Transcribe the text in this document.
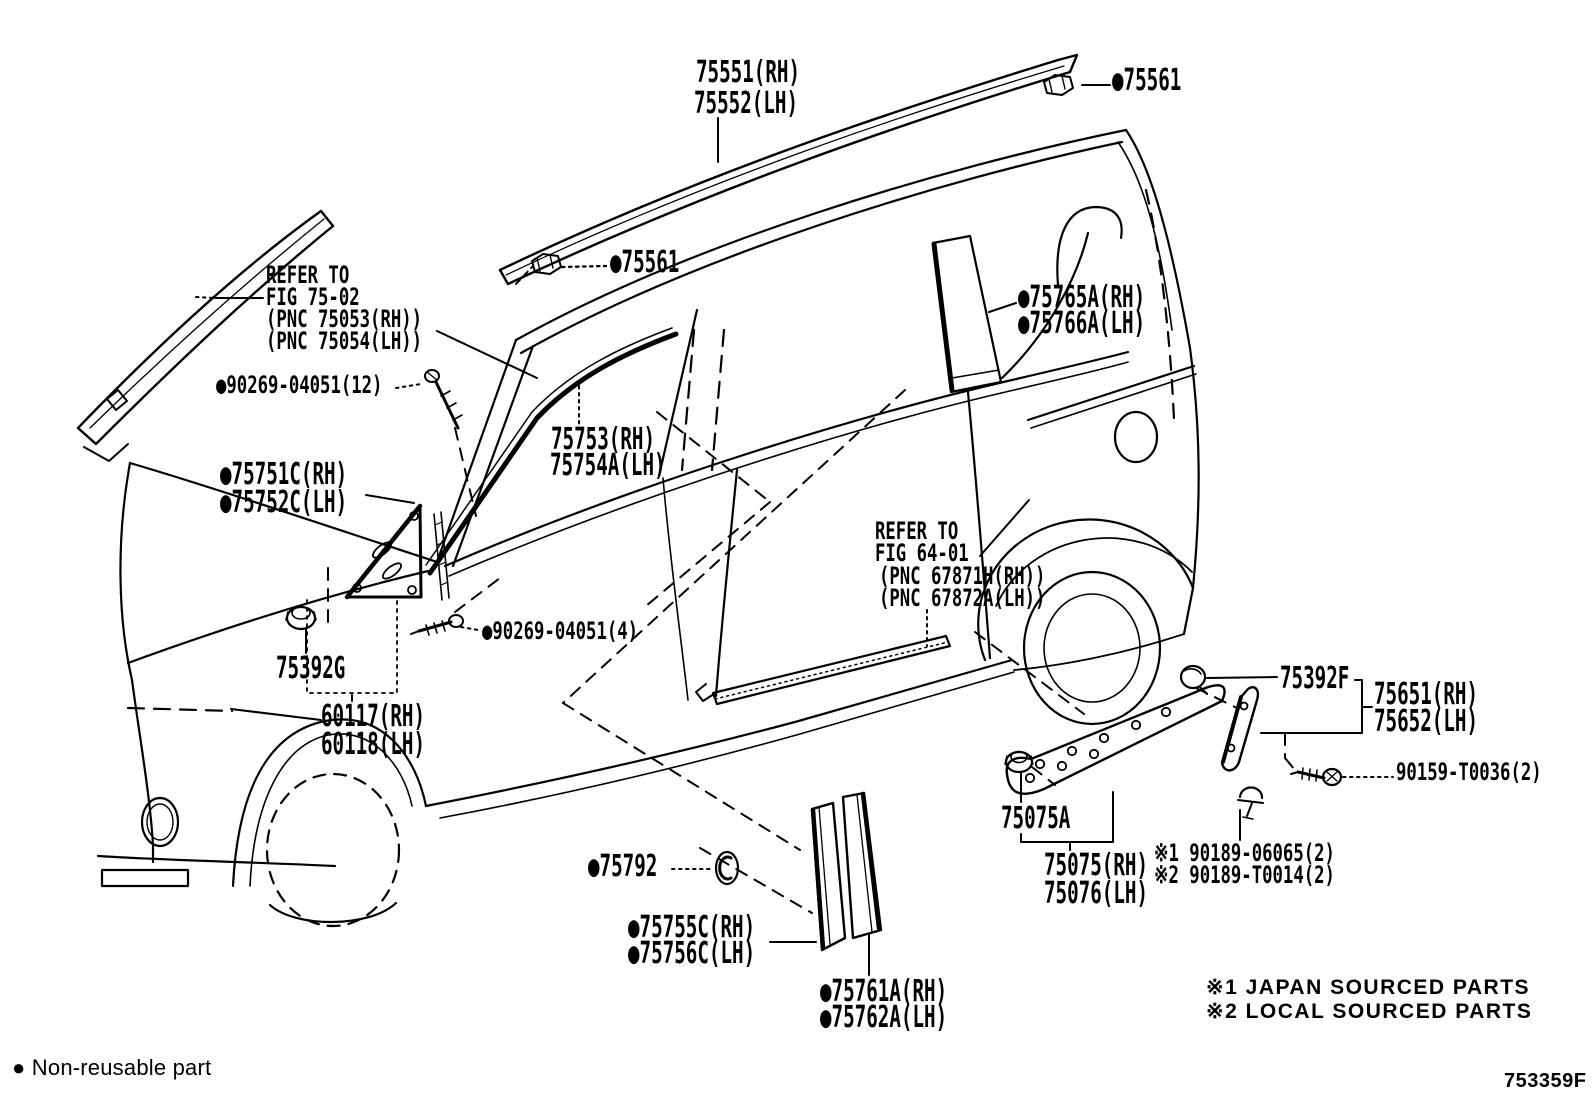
75551(RH)
75552(LH)
●75561
●75561
REFER TO
FIG 75-02
(PNC 75053(RH))
(PNC 75054(LH))
●90269-04051(12)
75753(RH)
75754A(LH)
●75751C(RH)
●75752C(LH)
●75765A(RH)
●75766A(LH)
REFER TO
FIG 64-01
(PNC 67871H(RH))
(PNC 67872A(LH))
●90269-04051(4)
75392G
60117(RH)
60118(LH)
●75792
●75755C(RH)
●75756C(LH)
●75761A(RH)
●75762A(LH)
75392F 75651(RH)
75652(LH)
90159-T0036(2)
75075A
75075(RH)
75076(LH)
※1 90189-06065(2)
※2 90189-T0014(2)
※1 JAPAN SOURCED PARTS
※2 LOCAL SOURCED PARTS
● Non-reusable part
753359F
